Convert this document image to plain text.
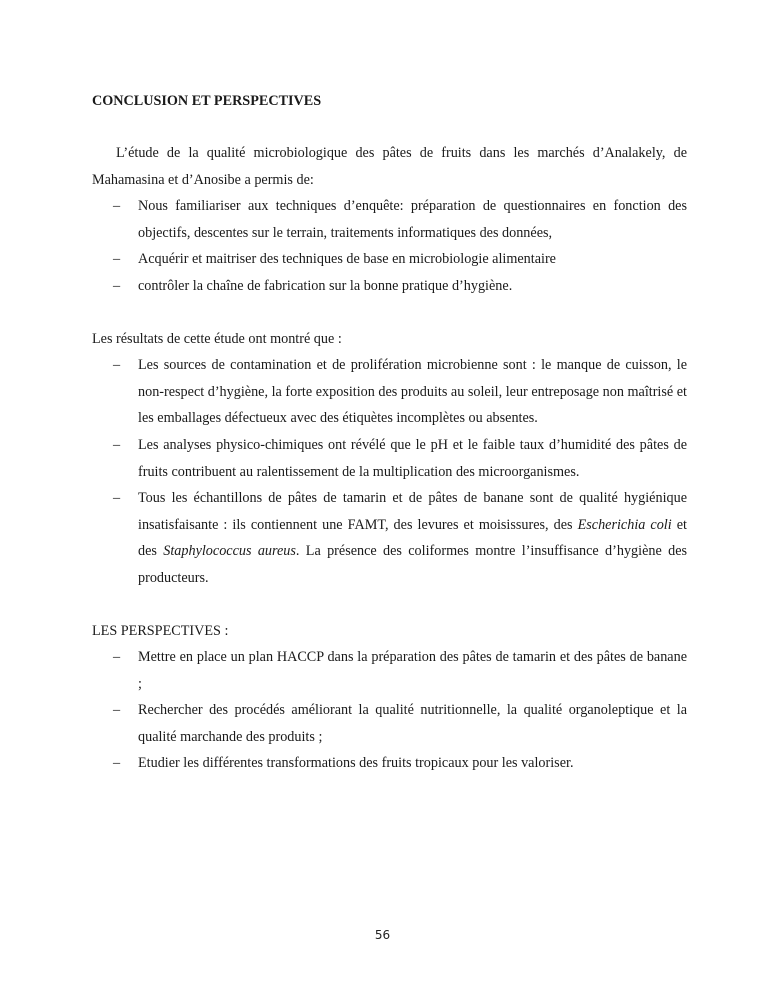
CONCLUSION ET PERSPECTIVES

L’étude de la qualité microbiologique des pâtes de fruits dans les marchés d’Analakely, de Mahamasina et d’Anosibe a permis de:

– Nous familiariser aux techniques d’enquête: préparation de questionnaires en fonction des objectifs, descentes sur le terrain, traitements informatiques des données,
– Acquérir et maitriser des techniques de base en microbiologie alimentaire
– contrôler la chaîne de fabrication sur la bonne pratique d’hygiène.

Les résultats de cette étude ont montré que :

– Les sources de contamination et de prolifération microbienne sont : le manque de cuisson, le non-respect d’hygiène, la forte exposition des produits au soleil, leur entreposage non maîtrisé et les emballages défectueux avec des étiquètes incomplètes ou absentes.
– Les analyses physico-chimiques ont révélé que le pH et le faible taux d’humidité des pâtes de fruits contribuent au ralentissement de la multiplication des microorganismes.
– Tous les échantillons de pâtes de tamarin et de pâtes de banane sont de qualité hygiénique insatisfaisante : ils contiennent une FAMT, des levures et moisissures, des Escherichia coli et des Staphylococcus aureus. La présence des coliformes montre l’insuffisance d’hygiène des producteurs.

LES PERSPECTIVES :

– Mettre en place un plan HACCP dans la préparation des pâtes de tamarin et des pâtes de banane ;
– Rechercher des procédés améliorant la qualité nutritionnelle, la qualité organoleptique et la qualité marchande des produits ;
– Etudier les différentes transformations des fruits tropicaux pour les valoriser.
56
